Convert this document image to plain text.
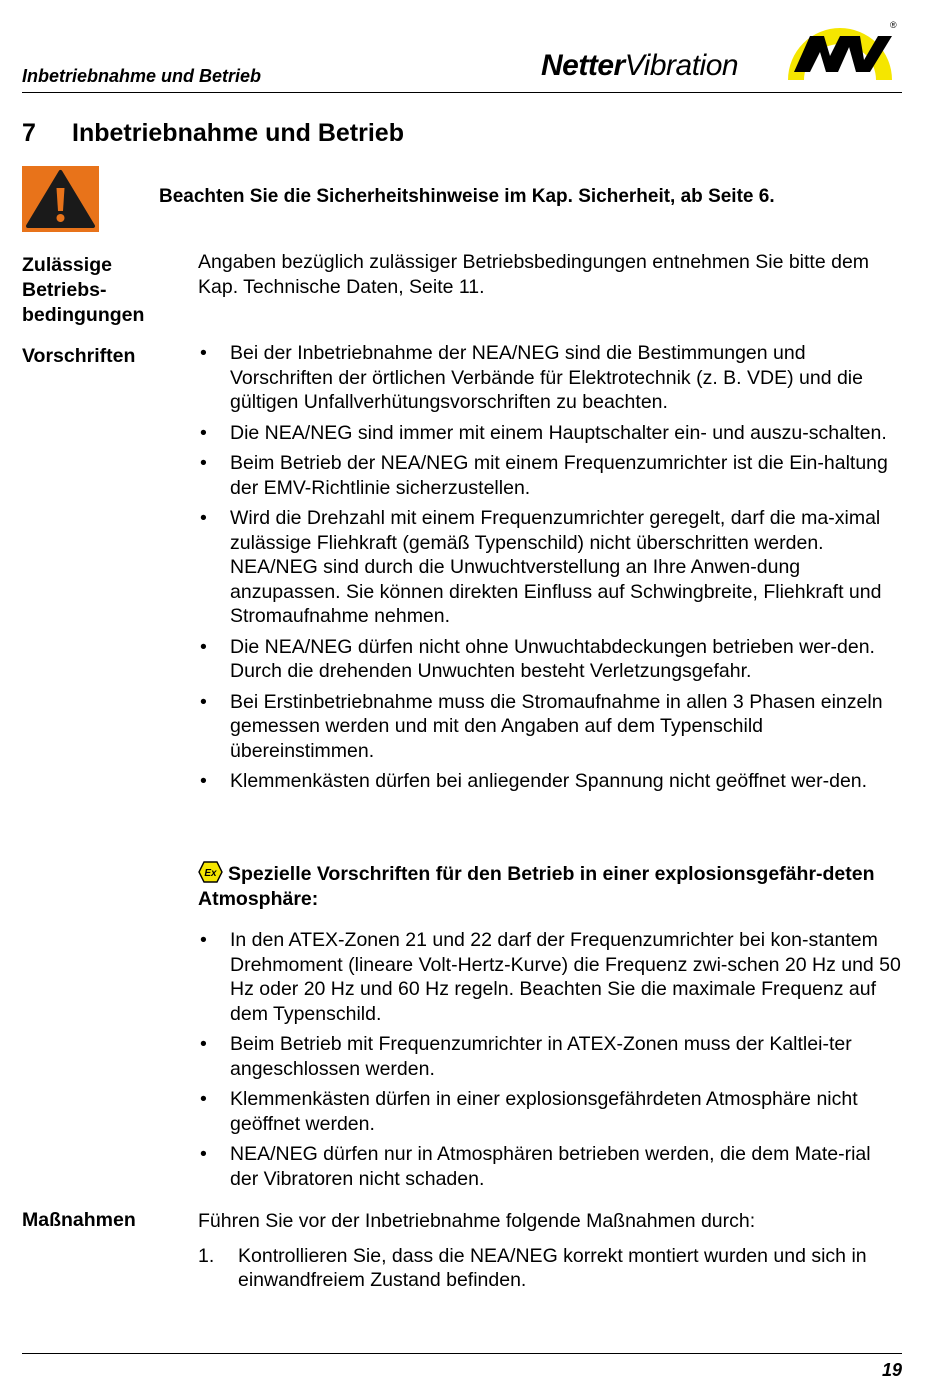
Inbetriebnahme und Betrieb	NetterVibration
®
7 Inbetriebnahme und Betrieb
Beachten Sie die Sicherheitshinweise im Kap. Sicherheit, ab Seite 6.
Zulässige
Betriebs-
bedingungen

Angaben bezüglich zulässiger Betriebsbedingungen entnehmen Sie bitte dem Kap. Technische Daten, Seite 11.

Vorschriften
•	Bei der Inbetriebnahme der NEA/NEG sind die Bestimmungen und Vorschriften der örtlichen Verbände für Elektrotechnik (z. B. VDE) und die gültigen Unfallverhütungsvorschriften zu beachten.
• Die NEA/NEG sind immer mit einem Hauptschalter ein- und auszu-schalten.
• Beim Betrieb der NEA/NEG mit einem Frequenzumrichter ist die Ein-haltung der EMV-Richtlinie sicherzustellen.
• Wird die Drehzahl mit einem Frequenzumrichter geregelt, darf die ma-ximal zulässige Fliehkraft (gemäß Typenschild) nicht überschritten werden. NEA/NEG sind durch die Unwuchtverstellung an Ihre Anwen-dung anzupassen. Sie können direkten Einfluss auf Schwingbreite, Fliehkraft und Stromaufnahme nehmen.
• Die NEA/NEG dürfen nicht ohne Unwuchtabdeckungen betrieben wer-den. Durch die drehenden Unwuchten besteht Verletzungsgefahr.
• Bei Erstinbetriebnahme muss die Stromaufnahme in allen 3 Phasen einzeln gemessen werden und mit den Angaben auf dem Typenschild übereinstimmen.
• Klemmenkästen dürfen bei anliegender Spannung nicht geöffnet wer-den.
Ex Spezielle Vorschriften für den Betrieb in einer explosionsgefähr-deten Atmosphäre:
• In den ATEX-Zonen 21 und 22 darf der Frequenzumrichter bei kon-stantem Drehmoment (lineare Volt-Hertz-Kurve) die Frequenz zwi-schen 20 Hz und 50 Hz oder 20 Hz und 60 Hz regeln. Beachten Sie die maximale Frequenz auf dem Typenschild.
• Beim Betrieb mit Frequenzumrichter in ATEX-Zonen muss der Kaltlei-ter angeschlossen werden.
• Klemmenkästen dürfen in einer explosionsgefährdeten Atmosphäre nicht geöffnet werden.
• NEA/NEG dürfen nur in Atmosphären betrieben werden, die dem Mate-rial der Vibratoren nicht schaden.
Maßnahmen	Führen Sie vor der Inbetriebnahme folgende Maßnahmen durch:

1. Kontrollieren Sie, dass die NEA/NEG korrekt montiert wurden und sich in einwandfreiem Zustand befinden.
19
